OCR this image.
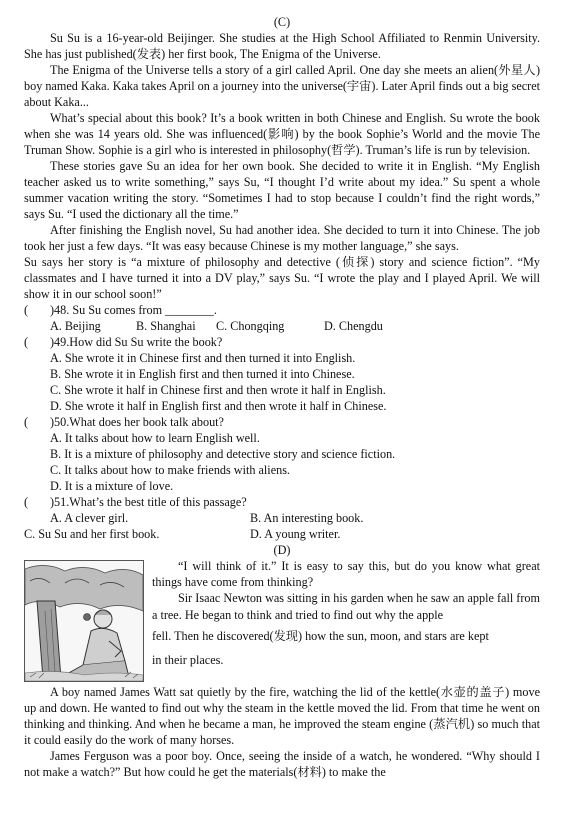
(C)

Su Su is a 16-year-old Beijinger. She studies at the High School Affiliated to Renmin University. She has just published(发表) her first book, The Enigma of the Universe.

The Enigma of the Universe tells a story of a girl called April. One day she meets an alien(外星人) boy named Kaka. Kaka takes April on a journey into the universe(宇宙). Later April finds out a big secret about Kaka...

What’s special about this book? It’s a book written in both Chinese and English. Su wrote the book when she was 14 years old. She was influenced(影响) by the book Sophie’s World and the movie The Truman Show. Sophie is a girl who is interested in philosophy(哲学). Truman’s life is run by television.

These stories gave Su an idea for her own book. She decided to write it in English. “My English teacher asked us to write something,” says Su, “I thought I’d write about my idea.” Su spent a whole summer vacation writing the story. “Sometimes I had to stop because I couldn’t find the right words,” says Su. “I used the dictionary all the time.”

After finishing the English novel, Su had another idea. She decided to turn it into Chinese. The job took her just a few days. “It was easy because Chinese is my mother language,” she says.

Su says her story is “a mixture of philosophy and detective (侦探) story and science fiction”. “My classmates and I have turned it into a DV play,” says Su. “I wrote the play and I played April. We will show it in our school soon!”

(	)48. Su Su comes from ________.
A. Beijing	B. Shanghai	C. Chongqing	D. Chengdu
(	)49.How did Su Su write the book?
A. She wrote it in Chinese first and then turned it into English.
B. She wrote it in English first and then turned it into Chinese.
C. She wrote it half in Chinese first and then wrote it half in English.
D. She wrote it half in English first and then wrote it half in Chinese.
(	)50.What does her book talk about?
A. It talks about how to learn English well.
B. It is a mixture of philosophy and detective story and science fiction.
C. It talks about how to make friends with aliens.
D. It is a mixture of love.
(	)51.What’s the best title of this passage?
A. A clever girl.	B. An interesting book.
C. Su Su and her first book.	D. A young writer.

(D)

“I will think of it.” It is easy to say this, but do you know what great things have come from thinking?

Sir Isaac Newton was sitting in his garden when he saw an apple fall from a tree. He began to think and tried to find out why the apple

fell. Then he discovered(发现) how the sun, moon, and stars are kept

in their places.

A boy named James Watt sat quietly by the fire, watching the lid of the kettle(水壶的盖子) move up and down. He wanted to find out why the steam in the kettle moved the lid. From that time he went on thinking and thinking. And when he became a man, he improved the steam engine (蒸汽机) so much that it could easily do the work of many horses.

James Ferguson was a poor boy. Once, seeing the inside of a watch, he wondered. “Why should I not make a watch?” But how could he get the materials(材料) to make the
